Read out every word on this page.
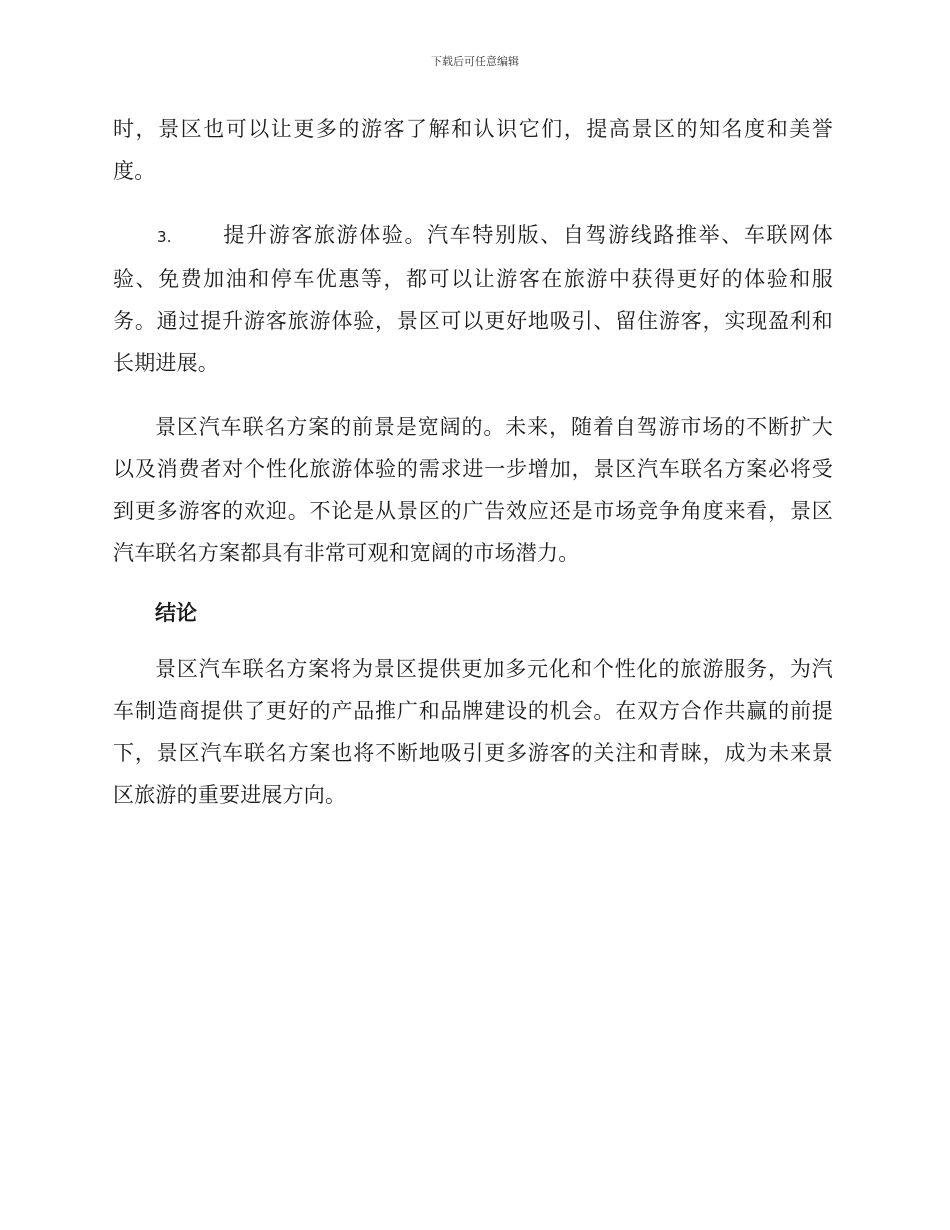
下载后可任意编辑

时，景区也可以让更多的游客了解和认识它们，提高景区的知名度和美誉度。

3. 提升游客旅游体验。汽车特别版、自驾游线路推举、车联网体验、免费加油和停车优惠等，都可以让游客在旅游中获得更好的体验和服务。通过提升游客旅游体验，景区可以更好地吸引、留住游客，实现盈利和长期进展。

景区汽车联名方案的前景是宽阔的。未来，随着自驾游市场的不断扩大以及消费者对个性化旅游体验的需求进一步增加，景区汽车联名方案必将受到更多游客的欢迎。不论是从景区的广告效应还是市场竞争角度来看，景区汽车联名方案都具有非常可观和宽阔的市场潜力。

结论

景区汽车联名方案将为景区提供更加多元化和个性化的旅游服务，为汽车制造商提供了更好的产品推广和品牌建设的机会。在双方合作共赢的前提下，景区汽车联名方案也将不断地吸引更多游客的关注和青睐，成为未来景区旅游的重要进展方向。
